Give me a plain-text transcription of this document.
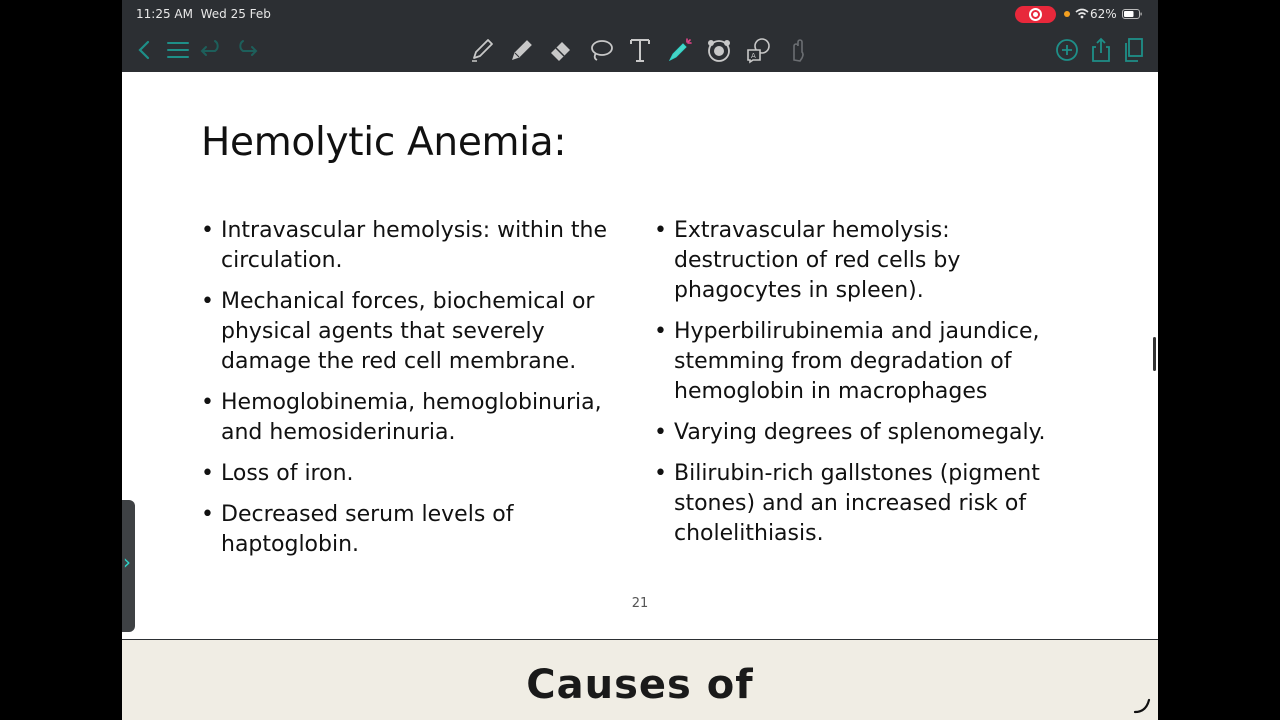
11:25 AM Wed 25 Feb	62%
A
Hemolytic Anemia:
• Intravascular hemolysis: within the circulation.
• Mechanical forces, biochemical or physical agents that severely damage the red cell membrane.
• Hemoglobinemia, hemoglobinuria, and hemosiderinuria.
• Loss of iron.
• Decreased serum levels of haptoglobin.
• Extravascular hemolysis: destruction of red cells by phagocytes in spleen).
• Hyperbilirubinemia and jaundice, stemming from degradation of hemoglobin in macrophages
• Varying degrees of splenomegaly.
• Bilirubin-rich gallstones (pigment stones) and an increased risk of cholelithiasis.
21
Causes of
›
